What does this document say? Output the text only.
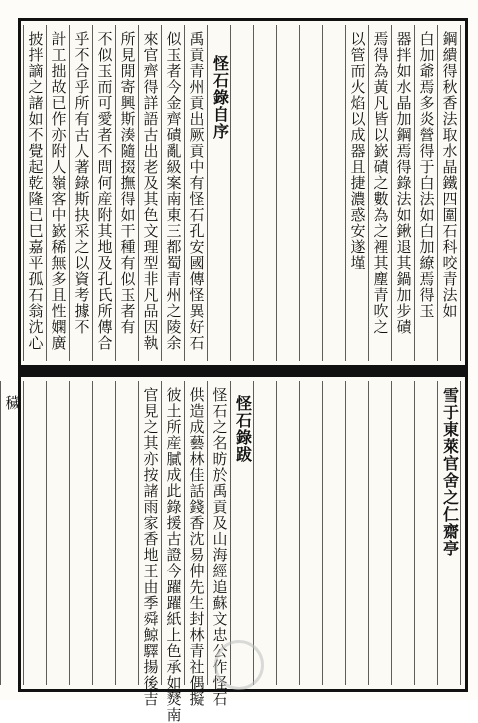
鋼繢得秋香法取水晶鐵四圍石科咬青法如
白加爺焉多炎營得于白法如白加繚焉得玉
器拌如水晶加鋼焉得錄法如鍬退其鍋加步磧
焉得為黃凡皆以嶔磧之數為之裡其塵青吹之
以管而火焰以成器且捷濃惑安遂墐
怪石錄自序
禹貢青州貢出厥貢中有怪石孔安國傳怪異好石
似玉者今金齊磧亂級案南東三都蜀青州之陵余
來官齊得詳語古出老及其色文理型非凡品因執
所見閒寄興斯湊隨掇撫得如干種有似玉者有
不似玉而可愛者不問何産附其地及孔氏所傳合
乎不合乎所有古人著錄斯抉采之以資考據不
計工拙故已作亦附人嶺客中嶔稀無多且性嫻廣
披拌謫之諸如不覺起乾隆已巳嘉平孤石翁沈心
雪于東萊官舍之仁齋亭
怪石錄跋
怪石之名昉於禹貢及山海經追蘇文忠公作怪石
供造成藝林佳話錢香沈易仲先生封林青社偶擬
彼土所産膩成此錄援古證今躍躍紙上色承如燹南
官見之其亦按諸雨家香地王由季舜鯨驛揚後吉
穢
